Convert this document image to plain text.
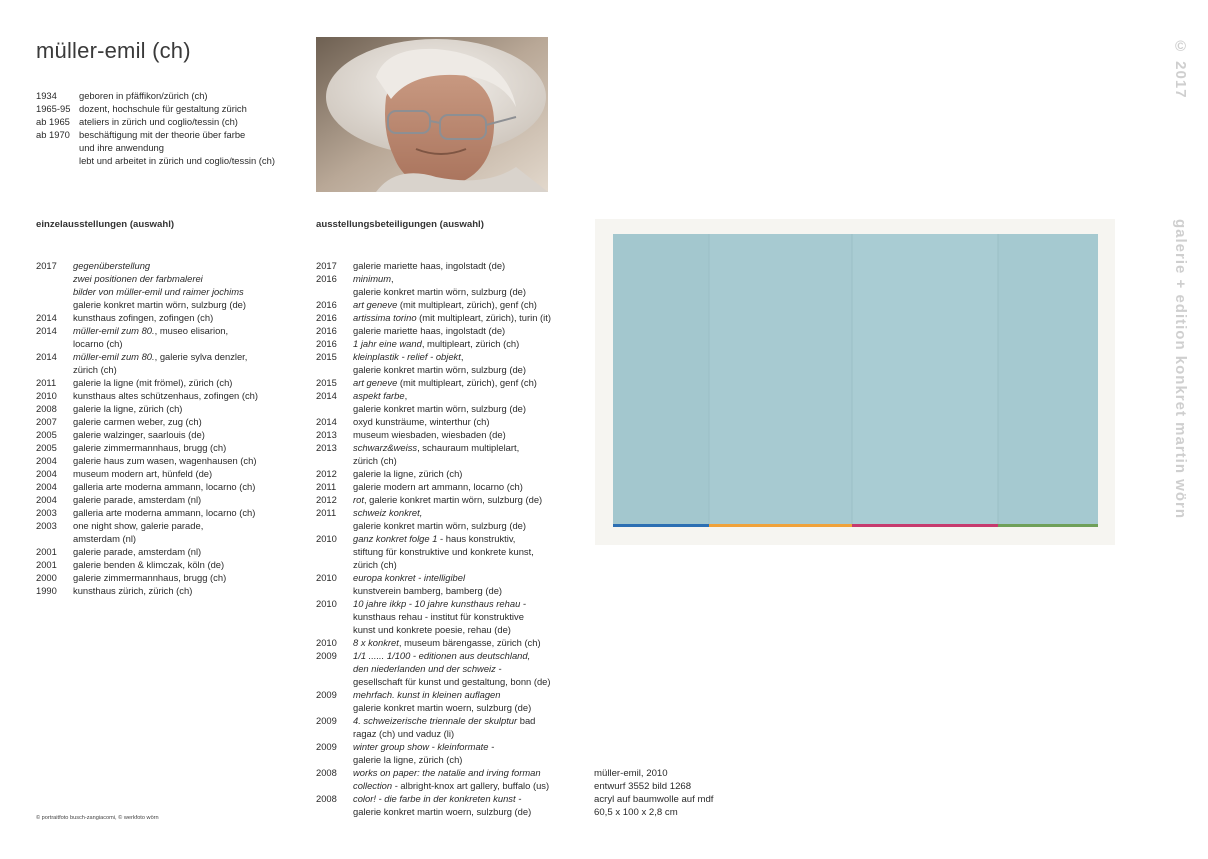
müller-emil (ch)
1934	geboren in pfäffikon/zürich (ch)
1965-95 dozent, hochschule für gestaltung zürich
ab 1965 ateliers in zürich und coglio/tessin (ch)
ab 1970 beschäftigung mit der theorie über farbe
und ihre anwendung
lebt und arbeitet in zürich und coglio/tessin (ch)
einzelausstellungen (auswahl)	ausstellungsbeteiligungen (auswahl)
2017	gegenüberstellung
zwei positionen der farbmalerei
bilder von müller-emil und raimer jochims
galerie konkret martin wörn, sulzburg (de)
2014	kunsthaus zofingen, zofingen (ch)
2014	müller-emil zum 80., museo elisarion,
locarno (ch)
2014	müller-emil zum 80., galerie sylva denzler,
zürich (ch)
2011	galerie la ligne (mit frömel), zürich (ch)
2010	kunsthaus altes schützenhaus, zofingen (ch)
2008	galerie la ligne, zürich (ch)
2007	galerie carmen weber, zug (ch)
2005	galerie walzinger, saarlouis (de)
2005	galerie zimmermannhaus, brugg (ch)
2004	galerie haus zum wasen, wagenhausen (ch)
2004	museum modern art, hünfeld (de)
2004	galleria arte moderna ammann, locarno (ch)
2004	galerie parade, amsterdam (nl)
2003	galleria arte moderna ammann, locarno (ch)
2003	one night show, galerie parade,
amsterdam (nl)
2001	galerie parade, amsterdam (nl)
2001	galerie benden & klimczak, köln (de)
2000	galerie zimmermannhaus, brugg (ch)
1990	kunsthaus zürich, zürich (ch)
2017	galerie mariette haas, ingolstadt (de)
2016	minimum,
galerie konkret martin wörn, sulzburg (de)
2016	art geneve (mit multipleart, zürich), genf (ch)
2016	artissima torino (mit multipleart, zürich), turin (it)
2016	galerie mariette haas, ingolstadt (de)
2016	1 jahr eine wand, multipleart, zürich (ch)
2015	kleinplastik - relief - objekt,
galerie konkret martin wörn, sulzburg (de)
2015	art geneve (mit multipleart, zürich), genf (ch)
2014	aspekt farbe,
galerie konkret martin wörn, sulzburg (de)
2014	oxyd kunsträume, winterthur (ch)
2013	museum wiesbaden, wiesbaden (de)
2013	schwarz&weiss, schauraum multiplelart,
zürich (ch)
2012	galerie la ligne, zürich (ch)
2011	galerie modern art ammann, locarno (ch)
2012	rot, galerie konkret martin wörn, sulzburg (de)
2011	schweiz konkret,
galerie konkret martin wörn, sulzburg (de)
2010	ganz konkret folge 1 - haus konstruktiv,
stiftung für konstruktive und konkrete kunst,
zürich (ch)
2010	europa konkret - intelligibel
kunstverein bamberg, bamberg (de)
2010	10 jahre ikkp - 10 jahre kunsthaus rehau -
kunsthaus rehau - institut für konstruktive
kunst und konkrete poesie, rehau (de)
2010	8 x konkret, museum bärengasse, zürich (ch)
2009	1/1 ...... 1/100 - editionen aus deutschland,
den niederlanden und der schweiz -
gesellschaft für kunst und gestaltung, bonn (de)
2009	mehrfach. kunst in kleinen auflagen
galerie konkret martin woern, sulzburg (de)
2009	4. schweizerische triennale der skulptur bad
ragaz (ch) und vaduz (li)
2009	winter group show - kleinformate -
galerie la ligne, zürich (ch)
2008	works on paper: the natalie and irving forman
collection - albright-knox art gallery, buffalo (us)
2008	color! - die farbe in der konkreten kunst -
galerie konkret martin woern, sulzburg (de)
müller-emil, 2010
entwurf 3552 bild 1268
acryl auf baumwolle auf mdf
60,5 x 100 x 2,8 cm
© portraitfoto busch-zangiacomi, © werkfoto wörn
© 2017
galerie + edition konkret martin wörn
